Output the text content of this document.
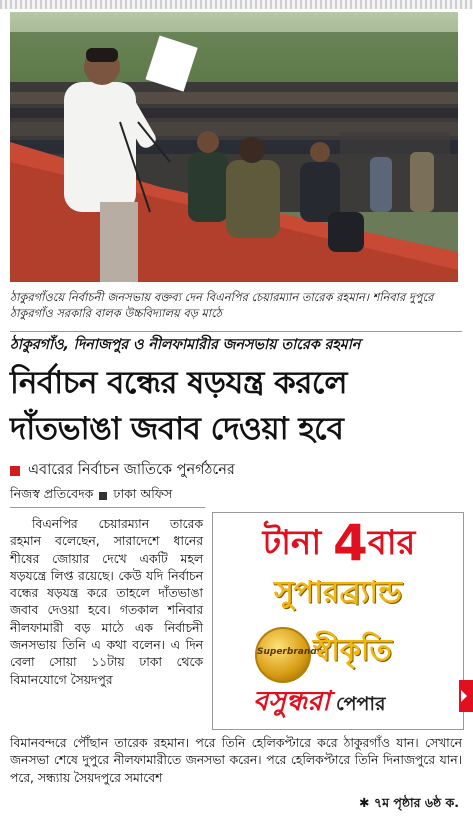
ঠাকুরগাঁওয়ে নির্বাচনী জনসভায় বক্তব্য দেন বিএনপির চেয়ারম্যান তারেক রহমান। শনিবার দুপুরে ঠাকুরগাঁও সরকারি বালক উচ্চবিদ্যালয় বড় মাঠে
ঠাকুরগাঁও, দিনাজপুর ও নীলফামারীর জনসভায় তারেক রহমান
নির্বাচন বন্ধের ষড়যন্ত্র করলে
দাঁতভাঙা জবাব দেওয়া হবে
এবারের নির্বাচন জাতিকে পুনর্গঠনের
নিজস্ব প্রতিবেদক ঢাকা অফিস

বিএনপির চেয়ারম্যান তারেক রহমান বলেছেন, সারাদেশে ধানের শীষের জোয়ার দেখে একটি মহল ষড়যন্ত্রে লিপ্ত রয়েছে। কেউ যদি নির্বাচন বন্ধের ষড়যন্ত্র করে তাহলে দাঁতভাঙা জবাব দেওয়া হবে। গতকাল শনিবার নীলফামারী বড় মাঠে এক নির্বাচনী জনসভায় তিনি এ কথা বলেন। এ দিন বেলা সোয়া ১১টায় ঢাকা থেকে বিমানযোগে সৈয়দপুর

টানা 4বার
সুপারব্র্যান্ড
Superbrands
স্বীকৃতি
বসুন্ধরা পেপার
বিমানবন্দরে পৌঁছান তারেক রহমান। পরে তিনি হেলিকপ্টারে করে ঠাকুরগাঁও যান। সেখানে জনসভা শেষে দুপুরে নীলফামারীতে জনসভা করেন। পরে হেলিকপ্টারে তিনি দিনাজপুরে যান। পরে, সন্ধ্যায় সৈয়দপুরে সমাবেশ
✱ ৭ম পৃষ্ঠার ৬ষ্ঠ ক.
